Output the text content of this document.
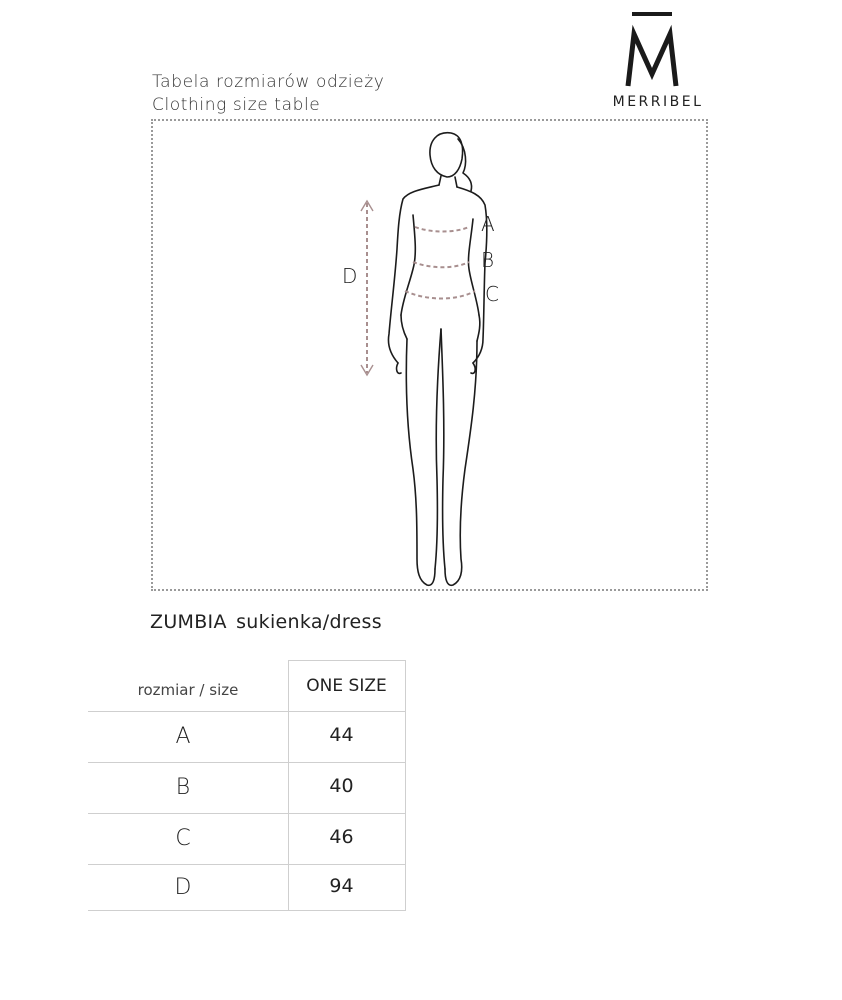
MERRIBEL
Tabela rozmiarów odzieży
Clothing size table
A
B
C
D
ZUMBIA sukienka/dress
rozmiar / size	ONE SIZE
A	44
B	40
C	46
D	94
